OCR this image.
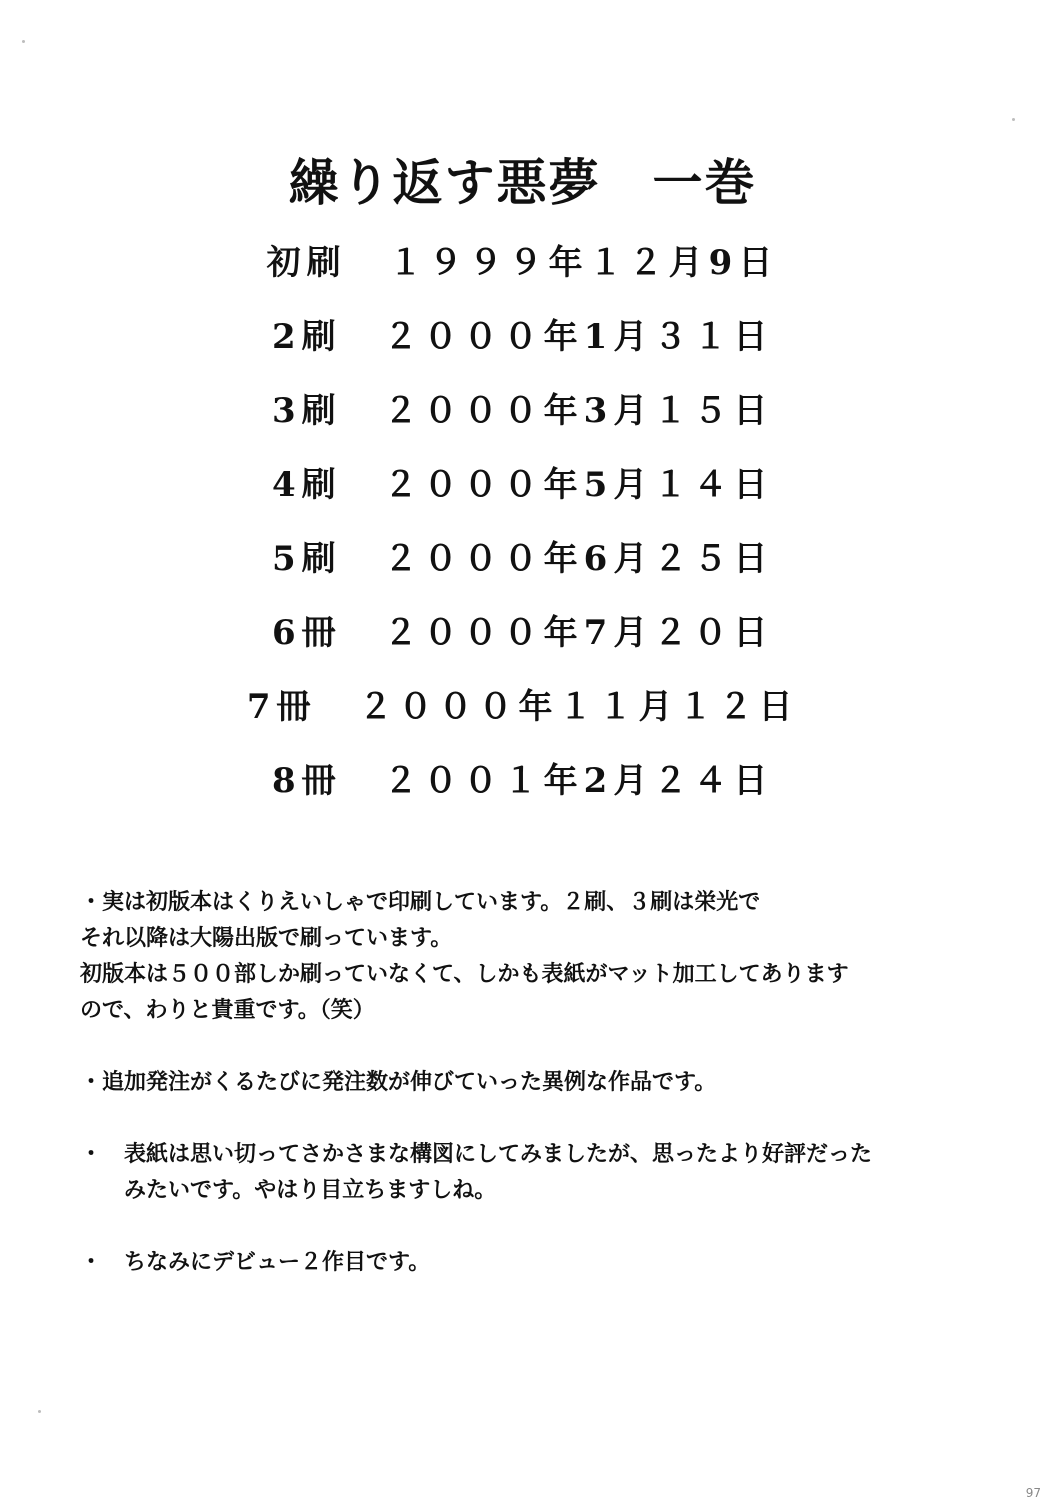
繰り返す悪夢　一巻
初刷 １９９９年１２月9日
2刷 ２０００年1月３１日
3刷 ２０００年3月１５日
4刷 ２０００年5月１４日
5刷 ２０００年6月２５日
6冊 ２０００年7月２０日
7冊 ２０００年１１月１２日
8冊 ２００１年2月２４日
・実は初版本はくりえいしゃで印刷しています。２刷、３刷は栄光で
それ以降は大陽出版で刷っています。
初版本は５００部しか刷っていなくて、しかも表紙がマット加工してあります
ので、わりと貴重です。（笑）
・追加発注がくるたびに発注数が伸びていった異例な作品です。
・　表紙は思い切ってさかさまな構図にしてみましたが、思ったより好評だった
　　みたいです。やはり目立ちますしね。
・　ちなみにデビュー２作目です。
97
